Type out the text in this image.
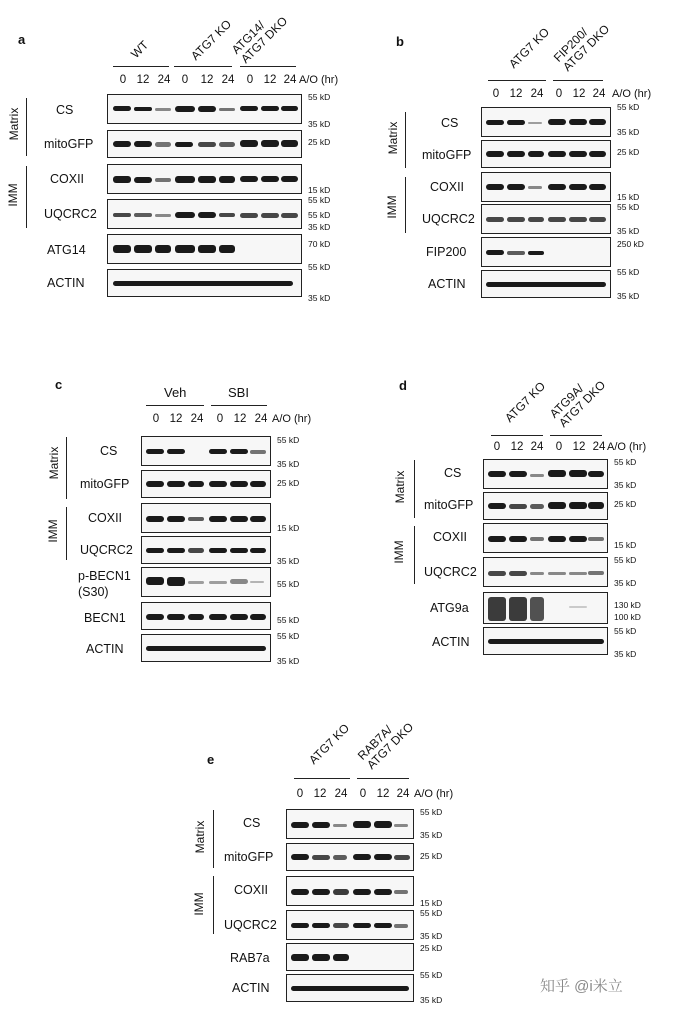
a	WT	ATG7 KO
ATG14/
ATG7 DKO
0 12 24 0	12 24	0 12 24 A/O (hr)
Matrix
IMM
CS
mitoGFP
COXII
UQCRC2
ATG14
ACTIN
55 kD
35 kD
25 kD
55 kD
15 kD
55 kD
35 kD
70 kD
55 kD
35 kD
b	ATG7 KO
FIP200/
ATG7 DKO
0 12 24	0 12 24 A/O (hr)
Matrix
IMM
CS
mitoGFP
COXII
UQCRC2
FIP200
ACTIN
55 kD
35 kD
25 kD
15 kD
55 kD
35 kD
250 kD
55 kD
35 kD
c
Veh	SBI
0 12 24	0 12 24 A/O (hr)
Matrix
IMM
CS
mitoGFP
COXII
UQCRC2
p-BECN1
(S30)
BECN1
ACTIN
55 kD
35 kD
25 kD
15 kD
35 kD
55 kD
55 kD
55 kD
35 kD
d	ATG7 KO
ATG9A/
ATG7 DKO
0 12 24	0 12 24 A/O (hr)
Matrix
IMM
CS
mitoGFP
COXII
UQCRC2
ATG9a
ACTIN
55 kD
35 kD
25 kD
15 kD
55 kD
35 kD
130 kD
100 kD
55 kD
35 kD
e	ATG7 KO RAB7A/
ATG7 DKO
0 12 24	0 12 24 A/O (hr)
Matrix
IMM
CS
mitoGFP
COXII
UQCRC2
RAB7a
ACTIN
55 kD
35 kD
25 kD
15 kD
55 kD
35 kD
25 kD
55 kD
35 kD
知乎 @i米立
